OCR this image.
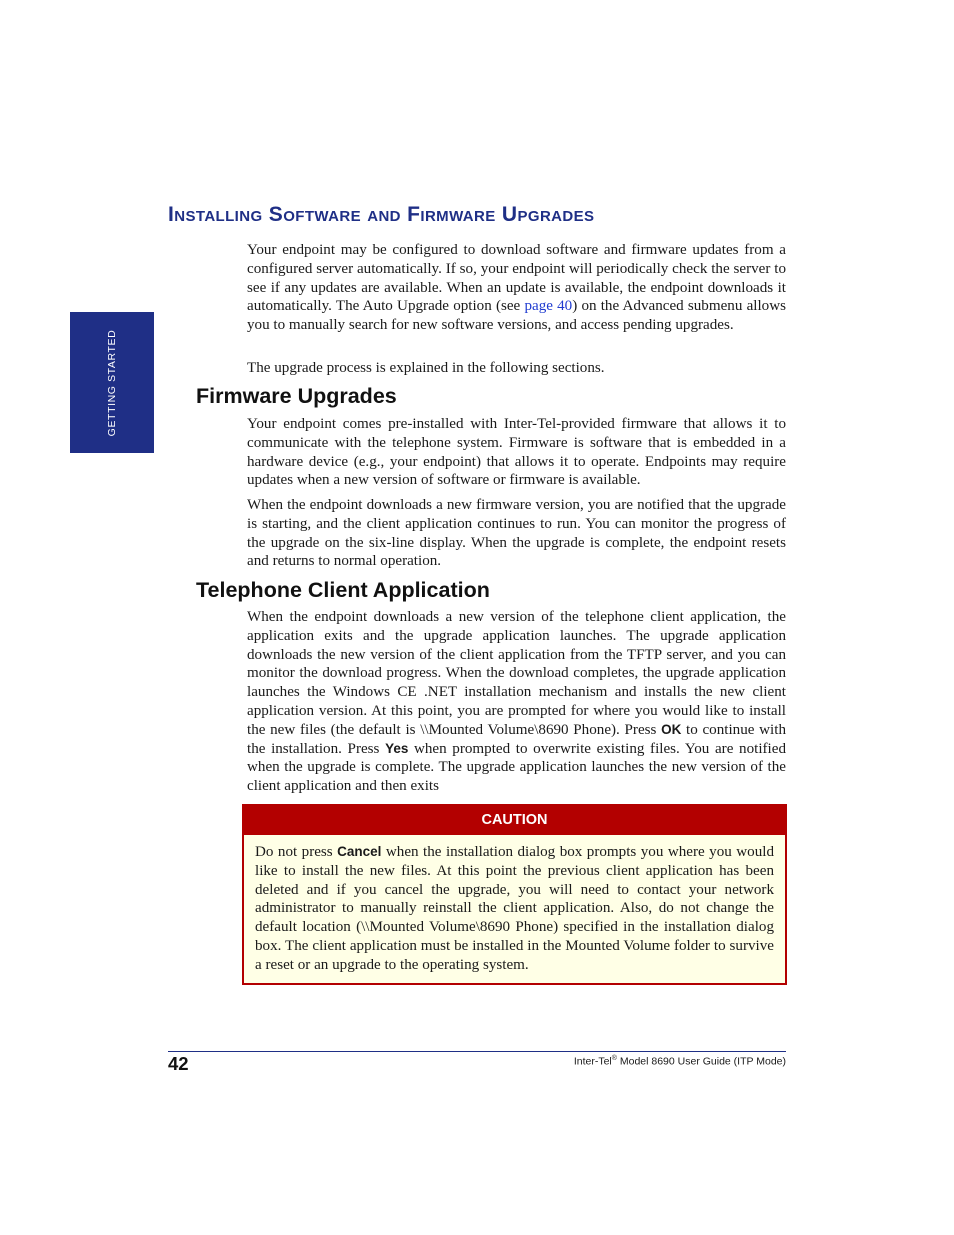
GETTING STARTED
Installing Software and Firmware Upgrades

Your endpoint may be configured to download software and firmware updates from a configured server automatically. If so, your endpoint will periodically check the server to see if any updates are available. When an update is available, the endpoint downloads it automatically. The Auto Upgrade option (see page 40) on the Advanced submenu allows you to manually search for new software versions, and access pending upgrades.

The upgrade process is explained in the following sections.

Firmware Upgrades

Your endpoint comes pre-installed with Inter-Tel-provided firmware that allows it to communicate with the telephone system. Firmware is software that is embedded in a hardware device (e.g., your endpoint) that allows it to operate. Endpoints may require updates when a new version of software or firmware is available.

When the endpoint downloads a new firmware version, you are notified that the upgrade is starting, and the client application continues to run. You can monitor the progress of the upgrade on the six-line display. When the upgrade is complete, the endpoint resets and returns to normal operation.

Telephone Client Application

When the endpoint downloads a new version of the telephone client application, the application exits and the upgrade application launches. The upgrade application downloads the new version of the client application from the TFTP server, and you can monitor the download progress. When the download completes, the upgrade application launches the Windows CE .NET installation mechanism and installs the new client application version. At this point, you are prompted for where you would like to install the new files (the default is \\Mounted Volume\8690 Phone). Press OK to continue with the installation. Press Yes when prompted to overwrite existing files. You are notified when the upgrade is complete. The upgrade application launches the new version of the client application and then exits

CAUTION

Do not press Cancel when the installation dialog box prompts you where you would like to install the new files. At this point the previous client application has been deleted and if you cancel the upgrade, you will need to contact your network administrator to manually reinstall the client application. Also, do not change the default location (\\Mounted Volume\8690 Phone) specified in the installation dialog box. The client application must be installed in the Mounted Volume folder to survive a reset or an upgrade to the operating system.

42	Inter-Tel® Model 8690 User Guide (ITP Mode)
